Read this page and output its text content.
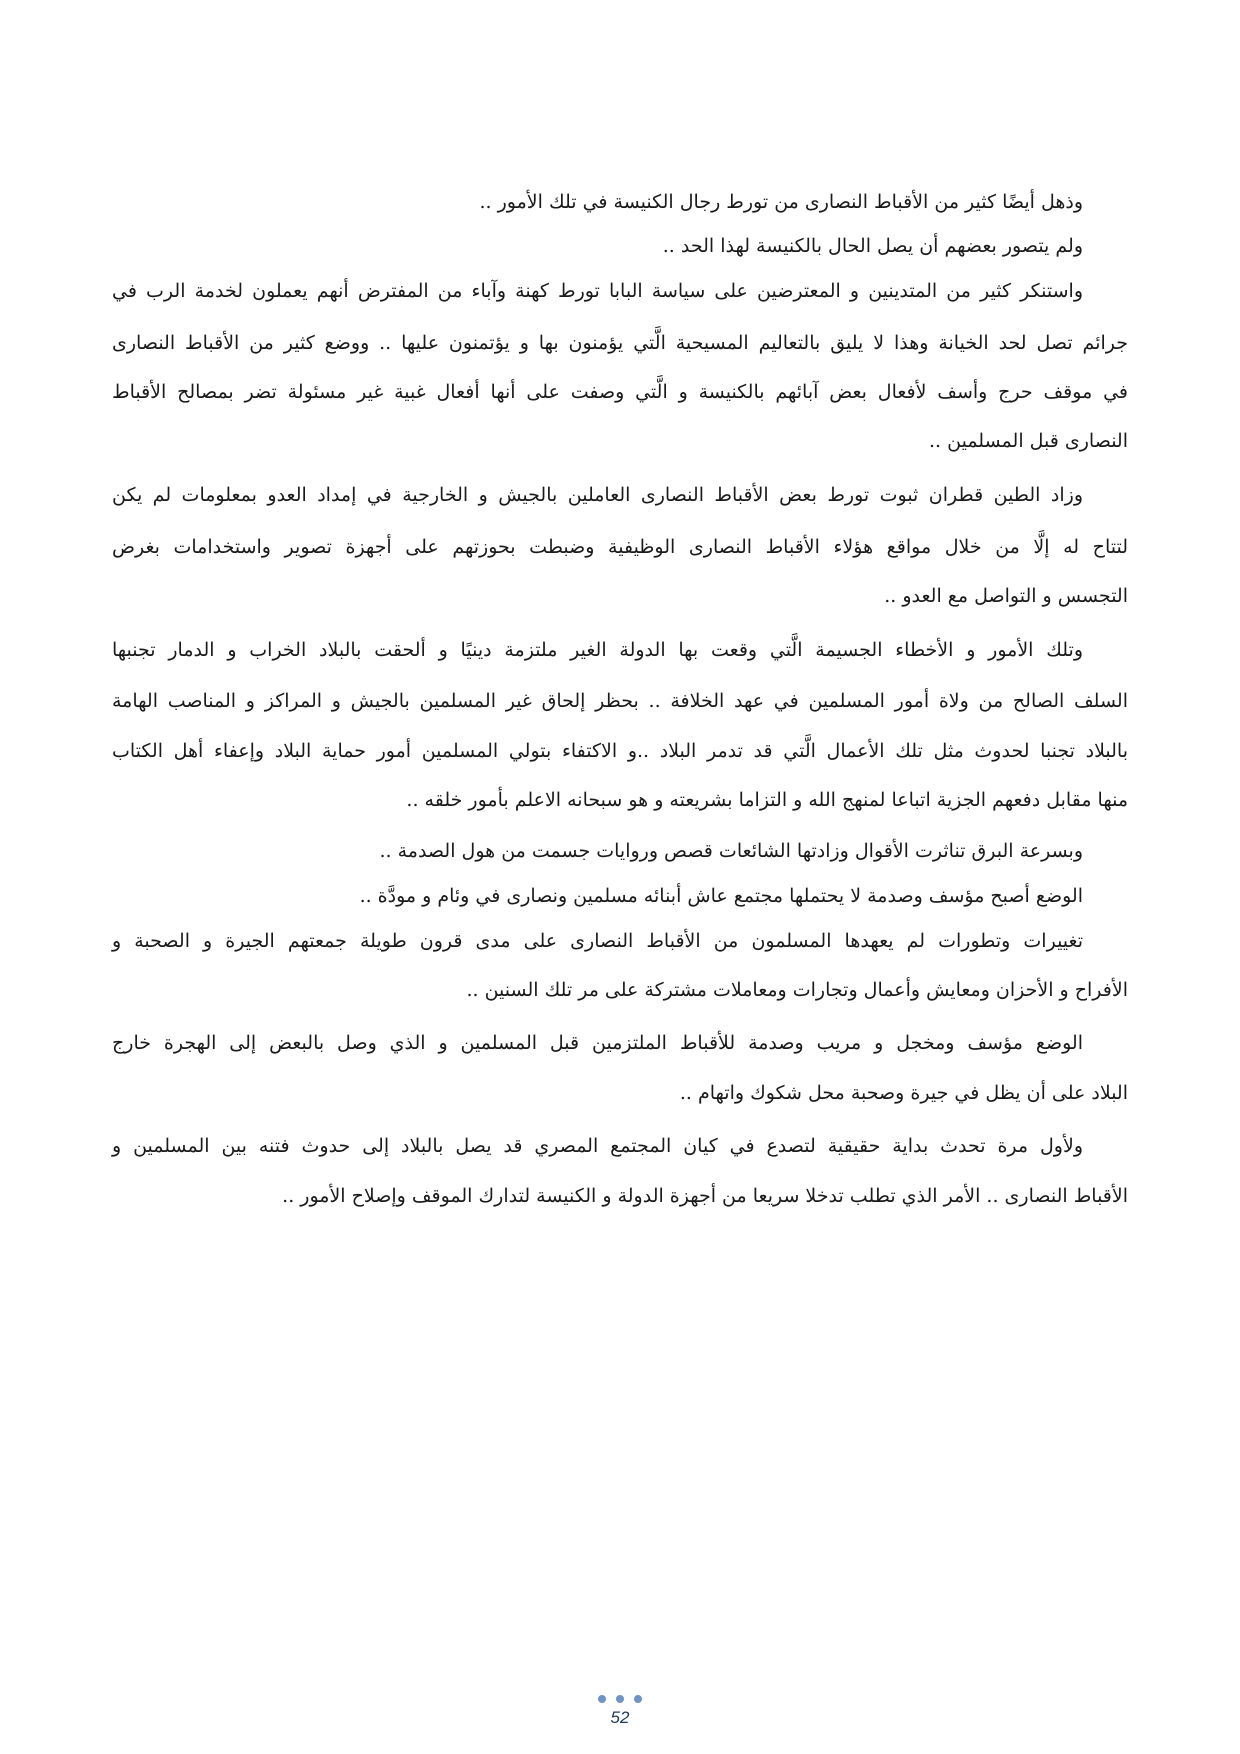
وذهل أيضًا كثير من الأقباط النصارى من تورط رجال الكنيسة في تلك الأمور ..
ولم يتصور بعضهم أن يصل الحال بالكنيسة لهذا الحد ..
واستنكر كثير من المتدينين و المعترضين على سياسة البابا تورط كهنة وآباء من المفترض أنهم يعملون لخدمة الرب في
جرائم تصل لحد الخيانة وهذا لا يليق بالتعاليم المسيحية الَّتي يؤمنون بها و يؤتمنون عليها .. ووضع كثير من الأقباط النصارى
في موقف حرج وأسف لأفعال بعض آبائهم بالكنيسة و الَّتي وصفت على أنها أفعال غبية غير مسئولة تضر بمصالح الأقباط
النصارى قبل المسلمين ..
وزاد الطين قطران ثبوت تورط بعض الأقباط النصارى العاملين بالجيش و الخارجية في إمداد العدو بمعلومات لم يكن
لتتاح له إلَّا من خلال مواقع هؤلاء الأقباط النصارى الوظيفية وضبطت بحوزتهم على أجهزة تصوير واستخدامات بغرض
التجسس و التواصل مع العدو ..
وتلك الأمور و الأخطاء الجسيمة الَّتي وقعت بها الدولة الغير ملتزمة دينيًا و ألحقت بالبلاد الخراب و الدمار تجنبها
السلف الصالح من ولاة أمور المسلمين في عهد الخلافة .. بحظر إلحاق غير المسلمين بالجيش و المراكز و المناصب الهامة
بالبلاد تجنبا لحدوث مثل تلك الأعمال الَّتي قد تدمر البلاد ..و الاكتفاء بتولي المسلمين أمور حماية البلاد وإعفاء أهل الكتاب
منها مقابل دفعهم الجزية اتباعا لمنهج الله و التزاما بشريعته و هو سبحانه الاعلم بأمور خلقه ..
وبسرعة البرق تناثرت الأقوال وزادتها الشائعات قصص وروايات جسمت من هول الصدمة ..
الوضع أصبح مؤسف وصدمة لا يحتملها مجتمع عاش أبنائه مسلمين ونصارى في وئام و مودَّة ..
تغييرات وتطورات لم يعهدها المسلمون من الأقباط النصارى على مدى قرون طويلة جمعتهم الجيرة و الصحبة و
الأفراح و الأحزان ومعايش وأعمال وتجارات ومعاملات مشتركة على مر تلك السنين ..
الوضع مؤسف ومخجل و مريب وصدمة للأقباط الملتزمين قبل المسلمين و الذي وصل بالبعض إلى الهجرة خارج
البلاد على أن يظل في جيرة وصحبة محل شكوك واتهام ..
ولأول مرة تحدث بداية حقيقية لتصدع في كيان المجتمع المصري قد يصل بالبلاد إلى حدوث فتنه بين المسلمين و
الأقباط النصارى .. الأمر الذي تطلب تدخلا سريعا من أجهزة الدولة و الكنيسة لتدارك الموقف وإصلاح الأمور ..
52
